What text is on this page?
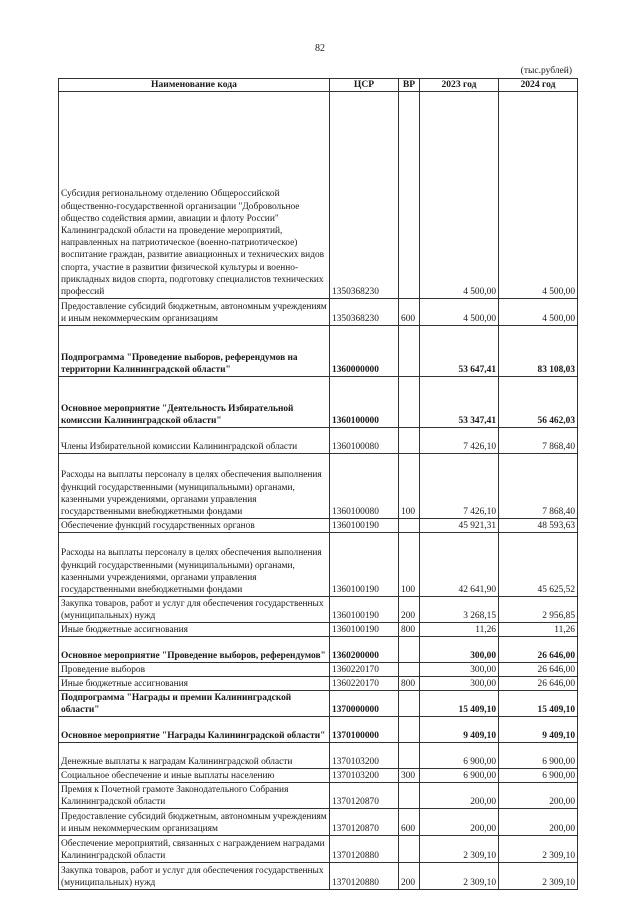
82
(тыс.рублей)
Наименование кода	ЦСР	ВР	2023 год	2024 год
Субсидия региональному отделению Общероссийской общественно-государственной организации "Добровольное общество содействия армии, авиации и флоту России" Калининградской области на проведение мероприятий, направленных на патриотическое (военно-патриотическое) воспитание граждан, развитие авиационных и технических видов спорта, участие в развитии физической культуры и военно-прикладных видов спорта, подготовку специалистов технических профессий	1350368230		4 500,00	4 500,00
Предоставление субсидий бюджетным, автономным учреждениям и иным некоммерческим организациям	1350368230	600	4 500,00	4 500,00
Подпрограмма "Проведение выборов, референдумов на территории Калининградской области"	1360000000		53 647,41	83 108,03
Основное мероприятие "Деятельность Избирательной комиссии Калининградской области"	1360100000		53 347,41	56 462,03
Члены Избирательной комиссии Калининградской области	1360100080		7 426,10	7 868,40
Расходы на выплаты персоналу в целях обеспечения выполнения функций государственными (муниципальными) органами, казенными учреждениями, органами управления государственными внебюджетными фондами	1360100080	100	7 426,10	7 868,40
Обеспечение функций государственных органов	1360100190		45 921,31	48 593,63
Расходы на выплаты персоналу в целях обеспечения выполнения функций государственными (муниципальными) органами, казенными учреждениями, органами управления государственными внебюджетными фондами	1360100190	100	42 641,90	45 625,52
Закупка товаров, работ и услуг для обеспечения государственных (муниципальных) нужд	1360100190	200	3 268,15	2 956,85
Иные бюджетные ассигнования	1360100190	800	11,26	11,26
Основное мероприятие "Проведение выборов, референдумов"	1360200000		300,00	26 646,00
Проведение выборов	1360220170		300,00	26 646,00
Иные бюджетные ассигнования	1360220170	800	300,00	26 646,00
Подпрограмма "Награды и премии Калининградской области"	1370000000		15 409,10	15 409,10
Основное мероприятие "Награды Калининградской области"	1370100000		9 409,10	9 409,10
Денежные выплаты к наградам Калининградской области	1370103200		6 900,00	6 900,00
Социальное обеспечение и иные выплаты населению	1370103200	300	6 900,00	6 900,00
Премия к Почетной грамоте Законодательного Собрания Калининградской области	1370120870		200,00	200,00
Предоставление субсидий бюджетным, автономным учреждениям и иным некоммерческим организациям	1370120870	600	200,00	200,00
Обеспечение мероприятий, связанных с награждением наградами Калининградской области	1370120880		2 309,10	2 309,10
Закупка товаров, работ и услуг для обеспечения государственных (муниципальных) нужд	1370120880	200	2 309,10	2 309,10
